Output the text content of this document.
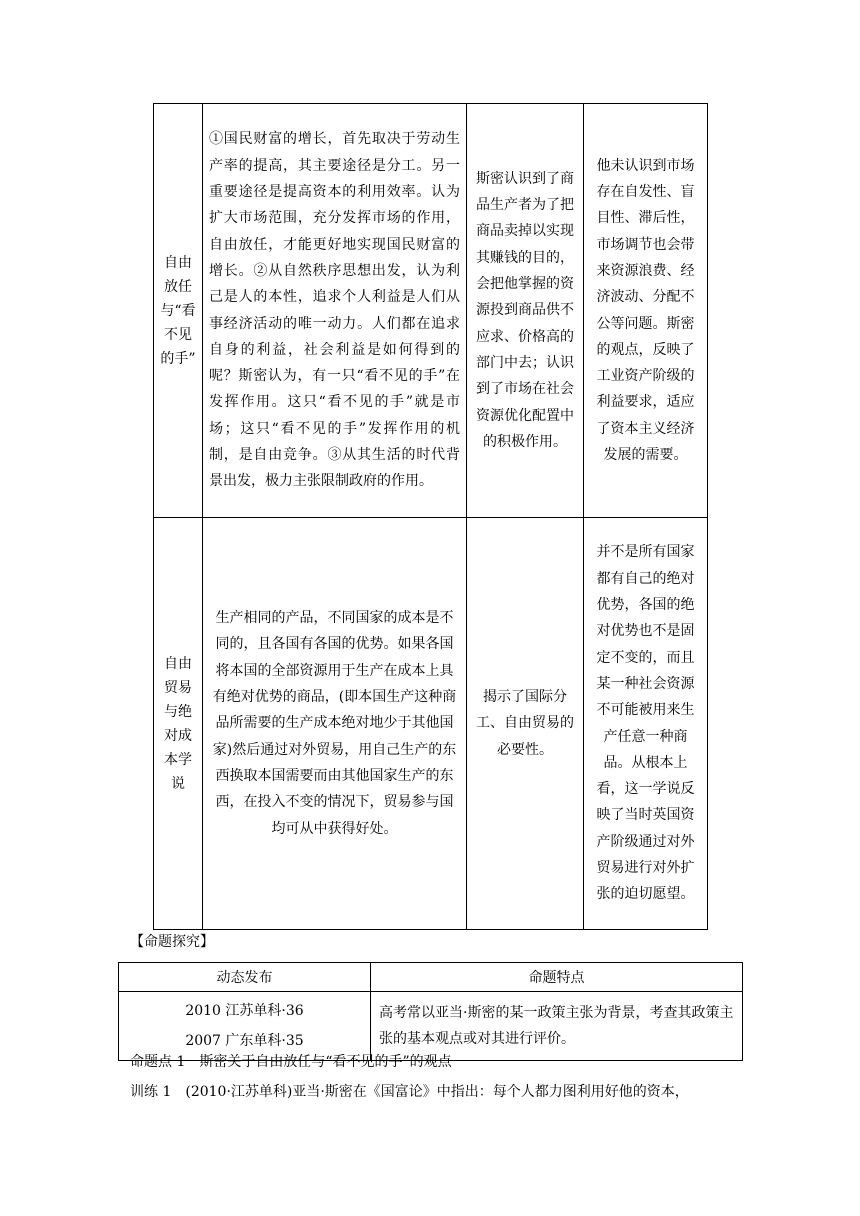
自由放任与“看不见的手”	①国民财富的增长，首先取决于劳动生产率的提高，其主要途径是分工。另一重要途径是提高资本的利用效率。认为扩大市场范围，充分发挥市场的作用，自由放任，才能更好地实现国民财富的增长。②从自然秩序思想出发，认为利己是人的本性，追求个人利益是人们从事经济活动的唯一动力。人们都在追求自身的利益，社会利益是如何得到的呢？斯密认为，有一只“看不见的手”在发挥作用。这只“看不见的手”就是市场；这只“看不见的手”发挥作用的机制，是自由竞争。③从其生活的时代背景出发，极力主张限制政府的作用。	斯密认识到了商品生产者为了把商品卖掉以实现其赚钱的目的，会把他掌握的资源投到商品供不应求、价格高的部门中去；认识到了市场在社会资源优化配置中的积极作用。	他未认识到市场存在自发性、盲目性、滞后性，市场调节也会带来资源浪费、经济波动、分配不公等问题。斯密的观点，反映了工业资产阶级的利益要求，适应了资本主义经济发展的需要。
自由贸易与绝对成本学说	生产相同的产品，不同国家的成本是不同的，且各国有各国的优势。如果各国将本国的全部资源用于生产在成本上具有绝对优势的商品，(即本国生产这种商品所需要的生产成本绝对地少于其他国家)然后通过对外贸易，用自己生产的东西换取本国需要而由其他国家生产的东西，在投入不变的情况下，贸易参与国均可从中获得好处。	揭示了国际分工、自由贸易的必要性。	并不是所有国家都有自己的绝对优势，各国的绝对优势也不是固定不变的，而且某一种社会资源不可能被用来生产任意一种商品。从根本上看，这一学说反映了当时英国资产阶级通过对外贸易进行对外扩张的迫切愿望。
【命题探究】
动态发布	命题特点

2010 江苏单科·36
2007 广东单科·35	高考常以亚当·斯密的某一政策主张为背景，考查其政策主张的基本观点或对其进行评价。
命题点 1　斯密关于自由放任与“看不见的手”的观点
训练 1　(2010·江苏单科)亚当·斯密在《国富论》中指出：每个人都力图利用好他的资本，
